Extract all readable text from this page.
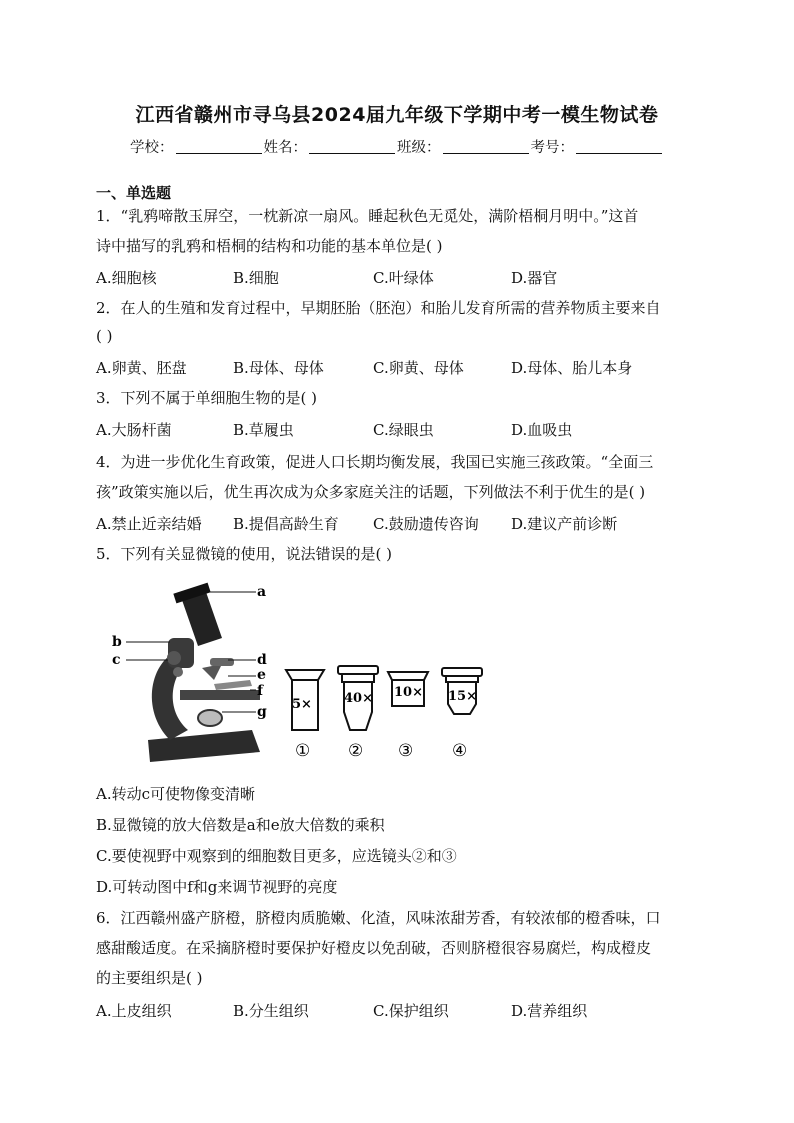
江西省赣州市寻乌县2024届九年级下学期中考一模生物试卷
学校：	姓名：	班级：	考号：
一、单选题
1．“乳鸦啼散玉屏空，一枕新凉一扇风。睡起秋色无觅处，满阶梧桐月明中。”这首
诗中描写的乳鸦和梧桐的结构和功能的基本单位是( )
A.细胞核	B.细胞	C.叶绿体	D.器官
2．在人的生殖和发育过程中，早期胚胎（胚泡）和胎儿发育所需的营养物质主要来自
( )
A.卵黄、胚盘	B.母体、母体	C.卵黄、母体	D.母体、胎儿本身
3．下列不属于单细胞生物的是( )
A.大肠杆菌	B.草履虫	C.绿眼虫	D.血吸虫
4．为进一步优化生育政策，促进人口长期均衡发展，我国已实施三孩政策。“全面三
孩”政策实施以后，优生再次成为众多家庭关注的话题，下列做法不利于优生的是( )
A.禁止近亲结婚 B.提倡高龄生育 C.鼓励遗传咨询 D.建议产前诊断
5．下列有关显微镜的使用，说法错误的是( )
a
b
c	d
e
f
g 5× 40× 10× 15×
① ② ③ ④
A.转动c可使物像变清晰
B.显微镜的放大倍数是a和e放大倍数的乘积
C.要使视野中观察到的细胞数目更多，应选镜头②和③
D.可转动图中f和g来调节视野的亮度
6．江西赣州盛产脐橙，脐橙肉质脆嫩、化渣，风味浓甜芳香，有较浓郁的橙香味，口
感甜酸适度。在采摘脐橙时要保护好橙皮以免刮破，否则脐橙很容易腐烂，构成橙皮
的主要组织是( )
A.上皮组织	B.分生组织	C.保护组织	D.营养组织
